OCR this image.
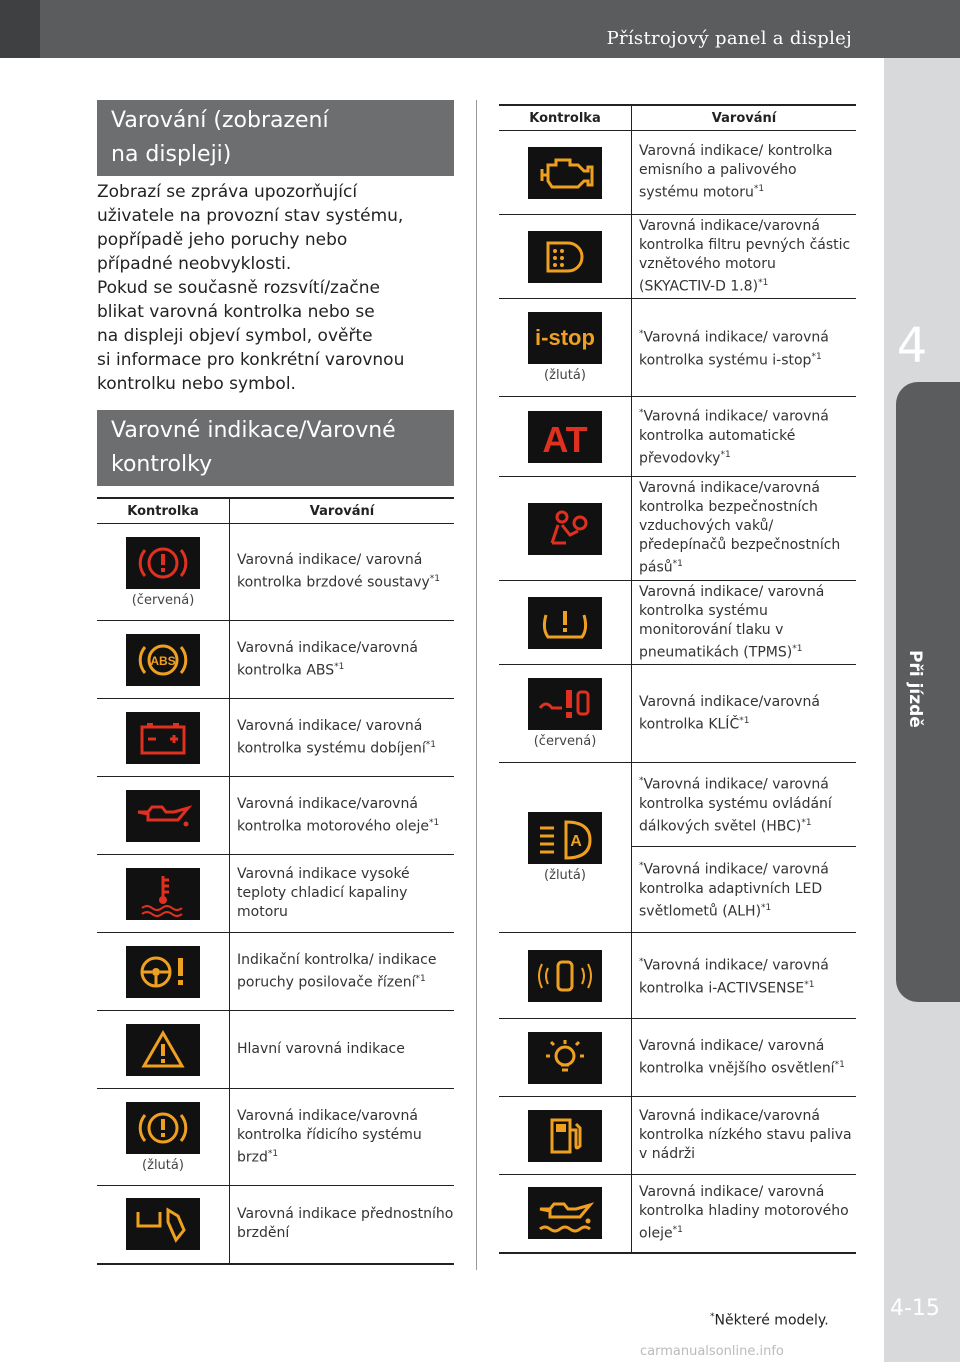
Přístrojový panel a displej
4
Při jízdě
4-15
Varování (zobrazení
na displeji)
Zobrazí se zpráva upozorňující
uživatele na provozní stav systému,
popřípadě jeho poruchy nebo
případné neobvyklosti.
Pokud se současně rozsvítí/začne
blikat varovná kontrolka nebo se
na displeji objeví symbol, ověřte
si informace pro konkrétní varovnou
kontrolku nebo symbol.
Varovné indikace/Varovné
kontrolky
Kontrolka	Varování

(červená)	Varovná indikace/ varovná kontrolka brzdové soustavy$^{*1}$

ABS	Varovná indikace/varovná kontrolka ABS$^{*1}$

	Varovná indikace/ varovná kontrolka systému dobíjení$^{*1}$

	Varovná indikace/varovná kontrolka motorového oleje$^{*1}$

	Varovná indikace vysoké teploty chladicí kapaliny motoru

	Indikační kontrolka/ indikace poruchy posilovače řízení$^{*1}$

	Hlavní varovná indikace

(žlutá)	Varovná indikace/varovná kontrolka řídicího systému brzd$^{*1}$

	Varovná indikace přednostního brzdění
Kontrolka	Varování

	Varovná indikace/ kontrolka emisního a palivového systému motoru$^{*1}$

	Varovná indikace/varovná kontrolka filtru pevných částic vznětového motoru (SKYACTIV-D 1.8)$^{*1}$

i-stop
(žlutá)	*Varovná indikace/ varovná kontrolka systému i-stop$^{*1}$

AT	*Varovná indikace/ varovná kontrolka automatické převodovky$^{*1}$

	Varovná indikace/varovná kontrolka bezpečnostních vzduchových vaků/ předepínačů bezpečnostních pásů$^{*1}$

	Varovná indikace/ varovná kontrolka systému monitorování tlaku v pneumatikách (TPMS)$^{*1}$

(červená)	Varovná indikace/varovná kontrolka KLÍČ$^{*1}$

A
(žlutá)	*Varovná indikace/ varovná kontrolka systému ovládání dálkových světel (HBC)$^{*1}$
	*Varovná indikace/ varovná kontrolka adaptivních LED světlometů (ALH)$^{*1}$

	*Varovná indikace/ varovná kontrolka i-ACTIVSENSE$^{*1}$

	Varovná indikace/ varovná kontrolka vnějšího osvětlení$^{*1}$

	Varovná indikace/varovná kontrolka nízkého stavu paliva v nádrži

	Varovná indikace/ varovná kontrolka hladiny motorového oleje$^{*1}$
*Některé modely.
carmanualsonline.info
